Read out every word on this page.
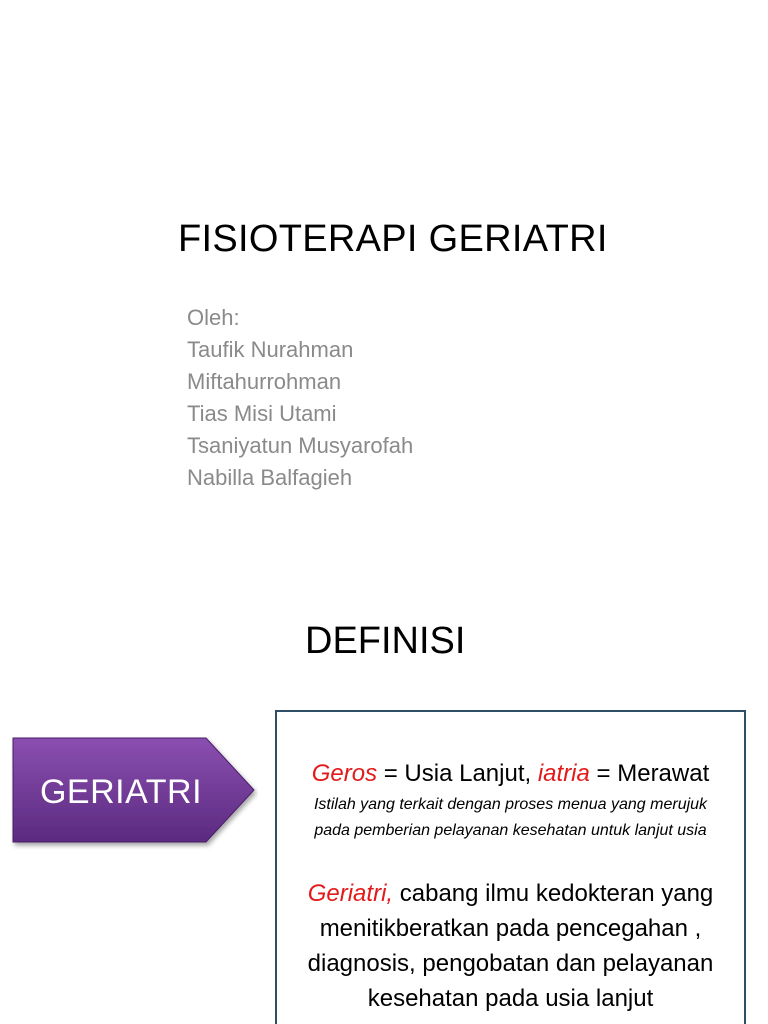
FISIOTERAPI GERIATRI
Oleh:
Taufik Nurahman
Miftahurrohman
Tias Misi Utami
Tsaniyatun Musyarofah
Nabilla Balfagieh
DEFINISI
GERIATRI	Geros = Usia Lanjut, iatria = Merawat
Istilah yang terkait dengan proses menua yang merujuk pada pemberian pelayanan kesehatan untuk lanjut usia
Geriatri, cabang ilmu kedokteran yang menitikberatkan pada pencegahan , diagnosis, pengobatan dan pelayanan kesehatan pada usia lanjut
